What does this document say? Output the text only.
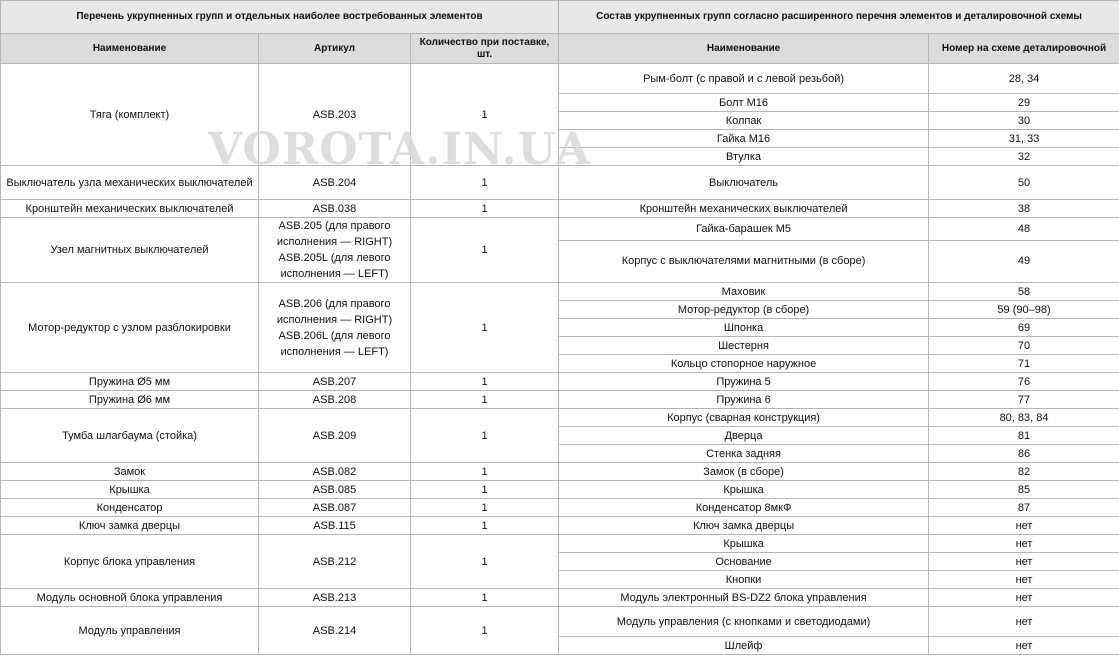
Перечень укрупненных групп и отдельных наиболее востребованных элементов			Состав укрупненных групп согласно расширенного перечня элементов и деталировочной схемы	
Наименование	Артикул	Количество при поставке, шт.	Наименование	Номер на схеме деталировочной
Тяга (комплект)	ASB.203	1	Рым-болт (с правой и с левой резьбой)	28, 34
			Болт М16	29
			Колпак	30
			Гайка М16	31, 33
			Втулка	32
Выключатель узла механических выключателей	ASB.204	1	Выключатель	50
Кронштейн механических выключателей	ASB.038	1	Кронштейн механических выключателей	38
Узел магнитных выключателей	ASB.205 (для правого исполнения — RIGHT) ASB.205L (для левого исполнения — LEFT)	1	Гайка-барашек М5	48
			Корпус с выключателями магнитными (в сборе)	49
Мотор-редуктор с узлом разблокировки	ASB.206 (для правого исполнения — RIGHT) ASB.206L (для левого исполнения — LEFT)	1	Маховик	58
			Мотор-редуктор (в сборе)	59 (90–98)
			Шпонка	69
			Шестерня	70
			Кольцо стопорное наружное	71
Пружина Ø5 мм	ASB.207	1	Пружина 5	76
Пружина Ø6 мм	ASB.208	1	Пружина 6	77
Тумба шлагбаума (стойка)	ASB.209	1	Корпус (сварная конструкция)	80, 83, 84
			Дверца	81
			Стенка задняя	86
Замок	ASB.082	1	Замок (в сборе)	82
Крышка	ASB.085	1	Крышка	85
Конденсатор	ASB.087	1	Конденсатор 8мкФ	87
Ключ замка дверцы	ASB.115	1	Ключ замка дверцы	нет
Корпус блока управления	ASB.212	1	Крышка	нет
			Основание	нет
			Кнопки	нет
Модуль основной блока управления	ASB.213	1	Модуль электронный BS-DZ2 блока управления	нет
Модуль управления	ASB.214	1	Модуль управления (с кнопками и светодиодами)	нет
			Шлейф	нет
VOROTA.IN.UA
